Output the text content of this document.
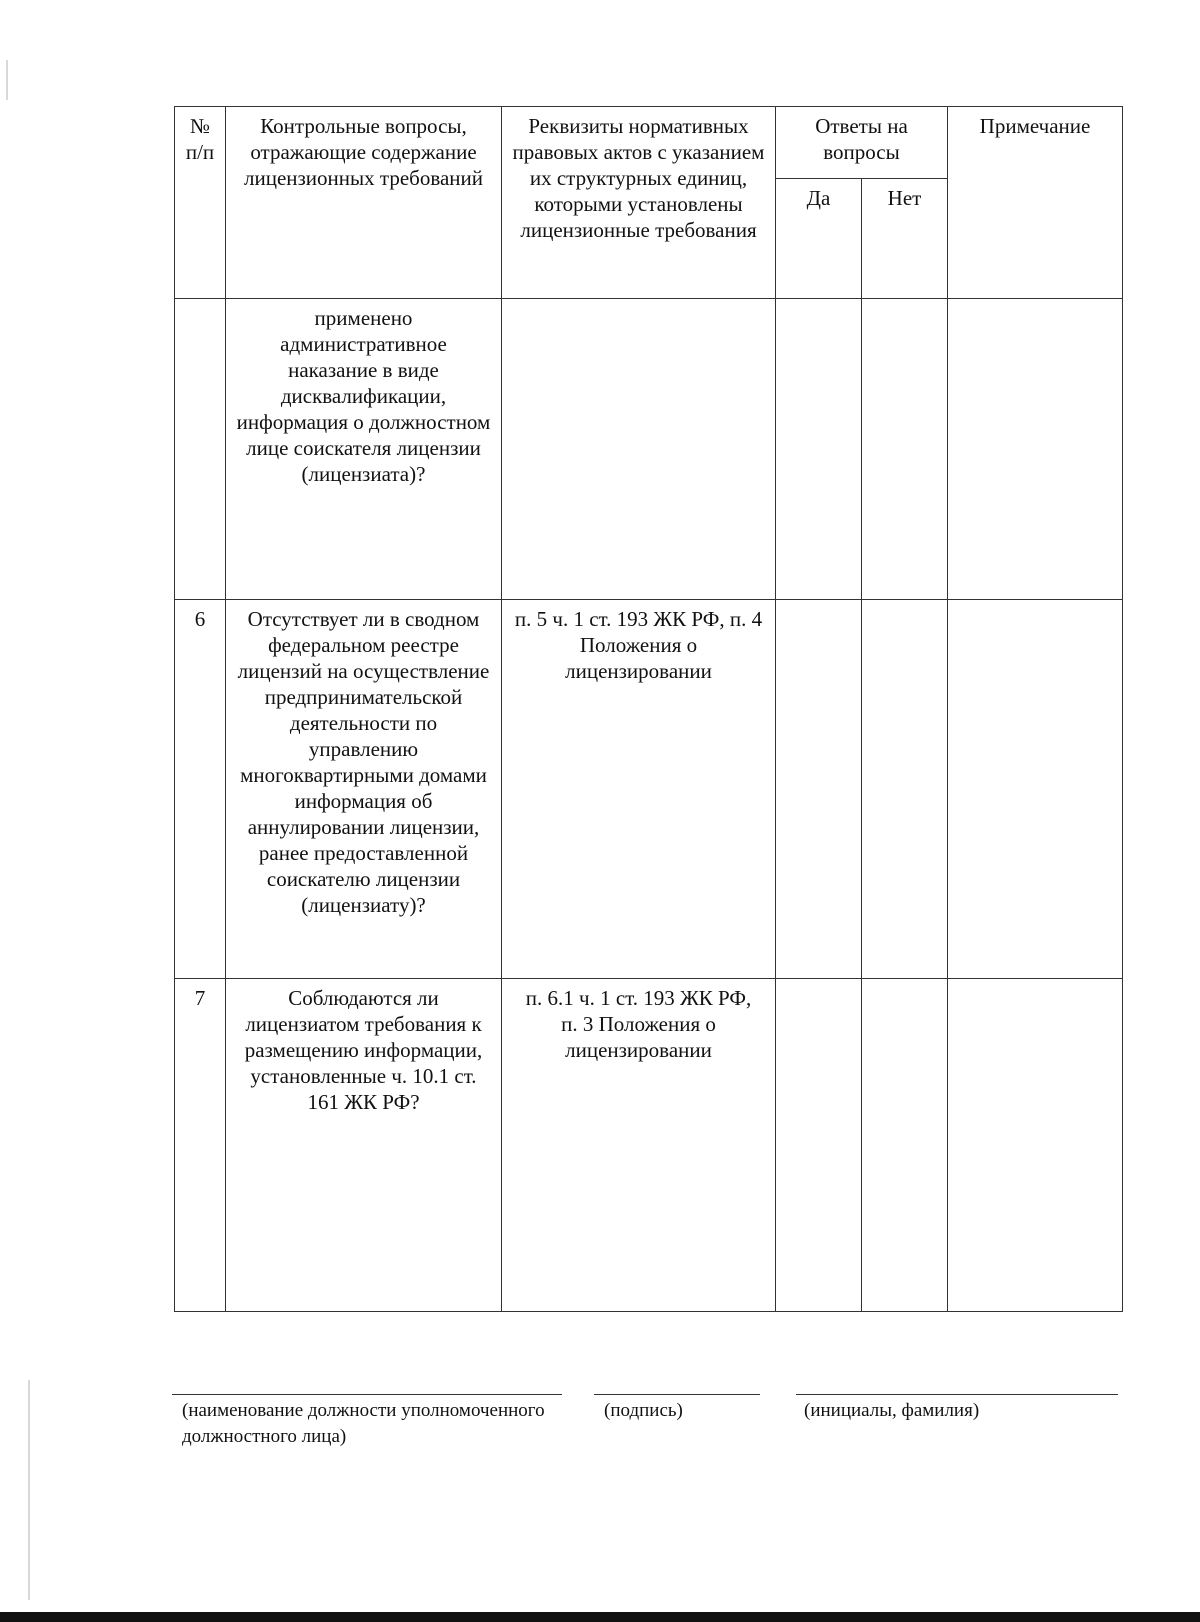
№ п/п	Контрольные вопросы, отражающие содержание лицензионных требований	Реквизиты нормативных правовых актов с указанием их структурных единиц, которыми установлены лицензионные требования	Ответы на вопросы		Примечание
			Да	Нет	

	применено административное наказание в виде дисквалификации, информация о должностном лице соискателя лицензии (лицензиата)?				

6	Отсутствует ли в сводном федеральном реестре лицензий на осуществление предпринимательской деятельности по управлению многоквартирными домами информация об аннулировании лицензии, ранее предоставленной соискателю лицензии (лицензиату)?	п. 5 ч. 1 ст. 193 ЖК РФ, п. 4 Положения о лицензировании			

7	Соблюдаются ли лицензиатом требования к размещению информации, установленные ч. 10.1 ст. 161 ЖК РФ?	п. 6.1 ч. 1 ст. 193 ЖК РФ, п. 3 Положения о лицензировании			

(наименование должности уполномоченного должностного лица)
(подпись)	(инициалы, фамилия)
